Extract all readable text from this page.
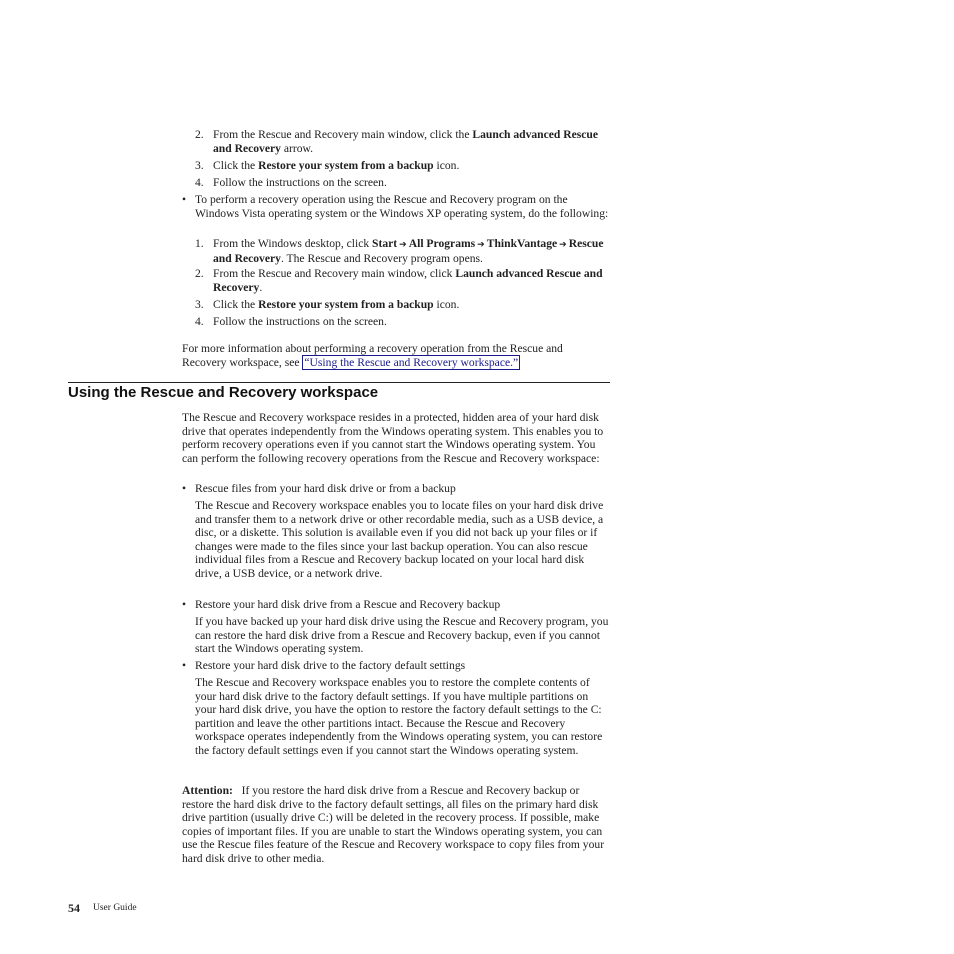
2. From the Rescue and Recovery main window, click the Launch advanced Rescue and Recovery arrow.
3. Click the Restore your system from a backup icon.
4. Follow the instructions on the screen.
• To perform a recovery operation using the Rescue and Recovery program on the Windows Vista operating system or the Windows XP operating system, do the following:
1. From the Windows desktop, click Start ➔ All Programs ➔ ThinkVantage ➔ Rescue and Recovery. The Rescue and Recovery program opens.
2. From the Rescue and Recovery main window, click Launch advanced Rescue and Recovery.
3. Click the Restore your system from a backup icon.
4. Follow the instructions on the screen.
For more information about performing a recovery operation from the Rescue and Recovery workspace, see “Using the Rescue and Recovery workspace.”
Using the Rescue and Recovery workspace
The Rescue and Recovery workspace resides in a protected, hidden area of your hard disk drive that operates independently from the Windows operating system. This enables you to perform recovery operations even if you cannot start the Windows operating system. You can perform the following recovery operations from the Rescue and Recovery workspace:
• Rescue files from your hard disk drive or from a backup
The Rescue and Recovery workspace enables you to locate files on your hard disk drive and transfer them to a network drive or other recordable media, such as a USB device, a disc, or a diskette. This solution is available even if you did not back up your files or if changes were made to the files since your last backup operation. You can also rescue individual files from a Rescue and Recovery backup located on your local hard disk drive, a USB device, or a network drive.
• Restore your hard disk drive from a Rescue and Recovery backup
If you have backed up your hard disk drive using the Rescue and Recovery program, you can restore the hard disk drive from a Rescue and Recovery backup, even if you cannot start the Windows operating system.
• Restore your hard disk drive to the factory default settings
The Rescue and Recovery workspace enables you to restore the complete contents of your hard disk drive to the factory default settings. If you have multiple partitions on your hard disk drive, you have the option to restore the factory default settings to the C: partition and leave the other partitions intact. Because the Rescue and Recovery workspace operates independently from the Windows operating system, you can restore the factory default settings even if you cannot start the Windows operating system.
Attention: If you restore the hard disk drive from a Rescue and Recovery backup or restore the hard disk drive to the factory default settings, all files on the primary hard disk drive partition (usually drive C:) will be deleted in the recovery process. If possible, make copies of important files. If you are unable to start the Windows operating system, you can use the Rescue files feature of the Rescue and Recovery workspace to copy files from your hard disk drive to other media.
54 User Guide
